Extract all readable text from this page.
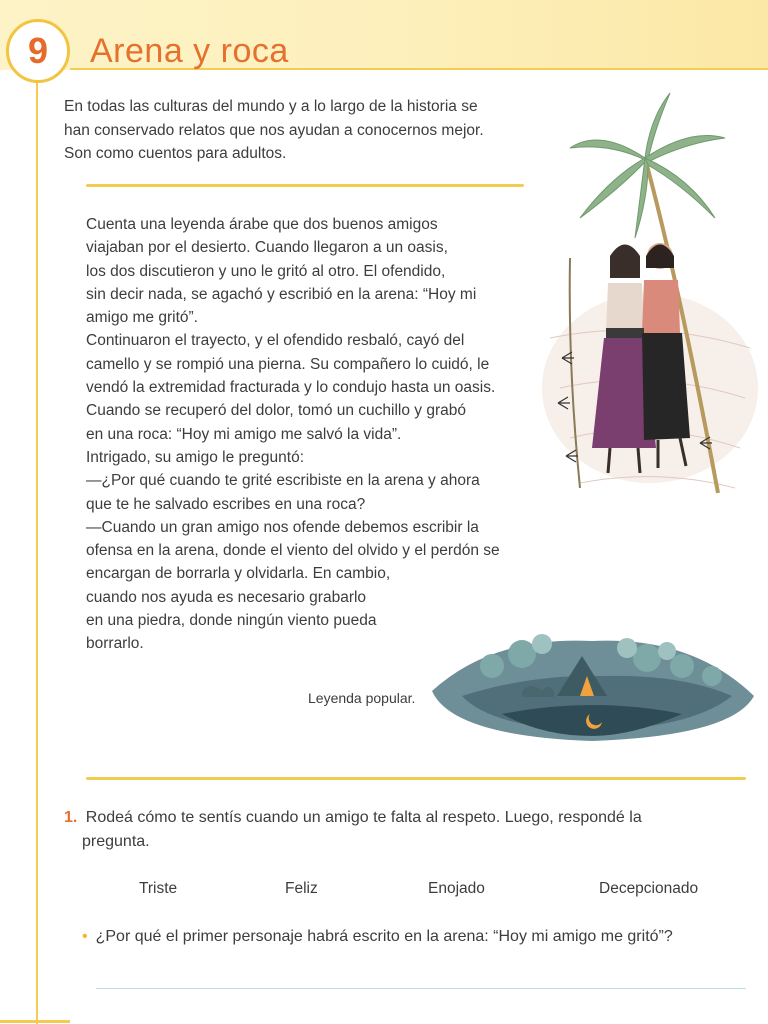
9 Arena y roca
En todas las culturas del mundo y a lo largo de la historia se
han conservado relatos que nos ayudan a conocernos mejor.
Son como cuentos para adultos.
Cuenta una leyenda árabe que dos buenos amigos
viajaban por el desierto. Cuando llegaron a un oasis,
los dos discutieron y uno le gritó al otro. El ofendido,
sin decir nada, se agachó y escribió en la arena: “Hoy mi
amigo me gritó”.
Continuaron el trayecto, y el ofendido resbaló, cayó del
camello y se rompió una pierna. Su compañero lo cuidó, le
vendó la extremidad fracturada y lo condujo hasta un oasis.
Cuando se recuperó del dolor, tomó un cuchillo y grabó
en una roca: “Hoy mi amigo me salvó la vida”.
Intrigado, su amigo le preguntó:
—¿Por qué cuando te grité escribiste en la arena y ahora
que te he salvado escribes en una roca?
—Cuando un gran amigo nos ofende debemos escribir la
ofensa en la arena, donde el viento del olvido y el perdón se
encargan de borrarla y olvidarla. En cambio,
cuando nos ayuda es necesario grabarlo
en una piedra, donde ningún viento pueda
borrarlo.
Leyenda popular.
1. Rodeá cómo te sentís cuando un amigo te falta al respeto. Luego, respondé la
pregunta.
Triste	Feliz	Enojado	Decepcionado
• ¿Por qué el primer personaje habrá escrito en la arena: “Hoy mi amigo me gritó”?
